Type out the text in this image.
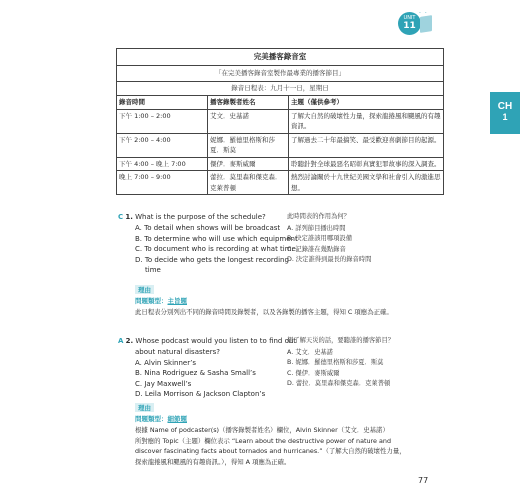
UNIT
11
· ·
CH
1
完美播客錄音室
「在完美播客錄音室製作最專業的播客節目」
錄音日程表：九月十一日，星期日
錄音時間	播客錄製者姓名	主題（僅供參考）
下午 1:00 – 2:00	艾文．史基諾	了解大自然的破壞性力量，探索龍捲風和颶風的有趣資訊。
下午 2:00 – 4:00	妮娜．羅德里格斯和莎夏．斯莫	了解過去二十年最搞笑、最受歡迎喜劇節目的起源。
下午 4:00 – 晚上 7:00	傑伊．麥斯威爾	聆聽針對全球最惡名昭彰真實犯罪故事的深入調查。
晚上 7:00 – 9:00	蕾拉．莫里森和傑克森．克萊普頓	熱烈討論關於十九世紀美國文學和社會引入的激進思想。
C 1. What is the purpose of the schedule?
A. To detail when shows will be broadcast
B. To determine who will use which equipment
C. To document who is recording at what time
D. To decide who gets the longest recording
time
此時間表的作用為何？
A. 詳列節目播出時間
B. 決定誰該用哪項設備
C. 記錄誰在幾點錄音
D. 決定誰得到最長的錄音時間
理由
問題類型：主旨題
此日程表分別列出不同的錄音時間及錄製者，以及各錄製的播客主題，得知 C 項應為正確。
A 2. Whose podcast would you listen to to find out
about natural disasters?
A. Alvin Skinner’s
B. Nina Rodriguez & Sasha Small’s
C. Jay Maxwell’s
D. Leila Morrison & Jackson Clapton’s
想了解天災的話，要聽誰的播客節目？
A. 艾文．史基諾
B. 妮娜．羅德里格斯和莎夏．斯莫
C. 傑伊．麥斯威爾
D. 蕾拉．莫里森和傑克森．克萊普頓
理由
問題類型：細節題
根據 Name of podcaster(s)（播客錄製者姓名）欄位，Alvin Skinner（艾文．史基諾）
所對應的 Topic（主題）欄位表示 “Learn about the destructive power of nature and
discover fascinating facts about tornados and hurricanes.”（了解大自然的破壞性力量，
探索龍捲風和颶風的有趣資訊。），得知 A 項應為正確。
77
